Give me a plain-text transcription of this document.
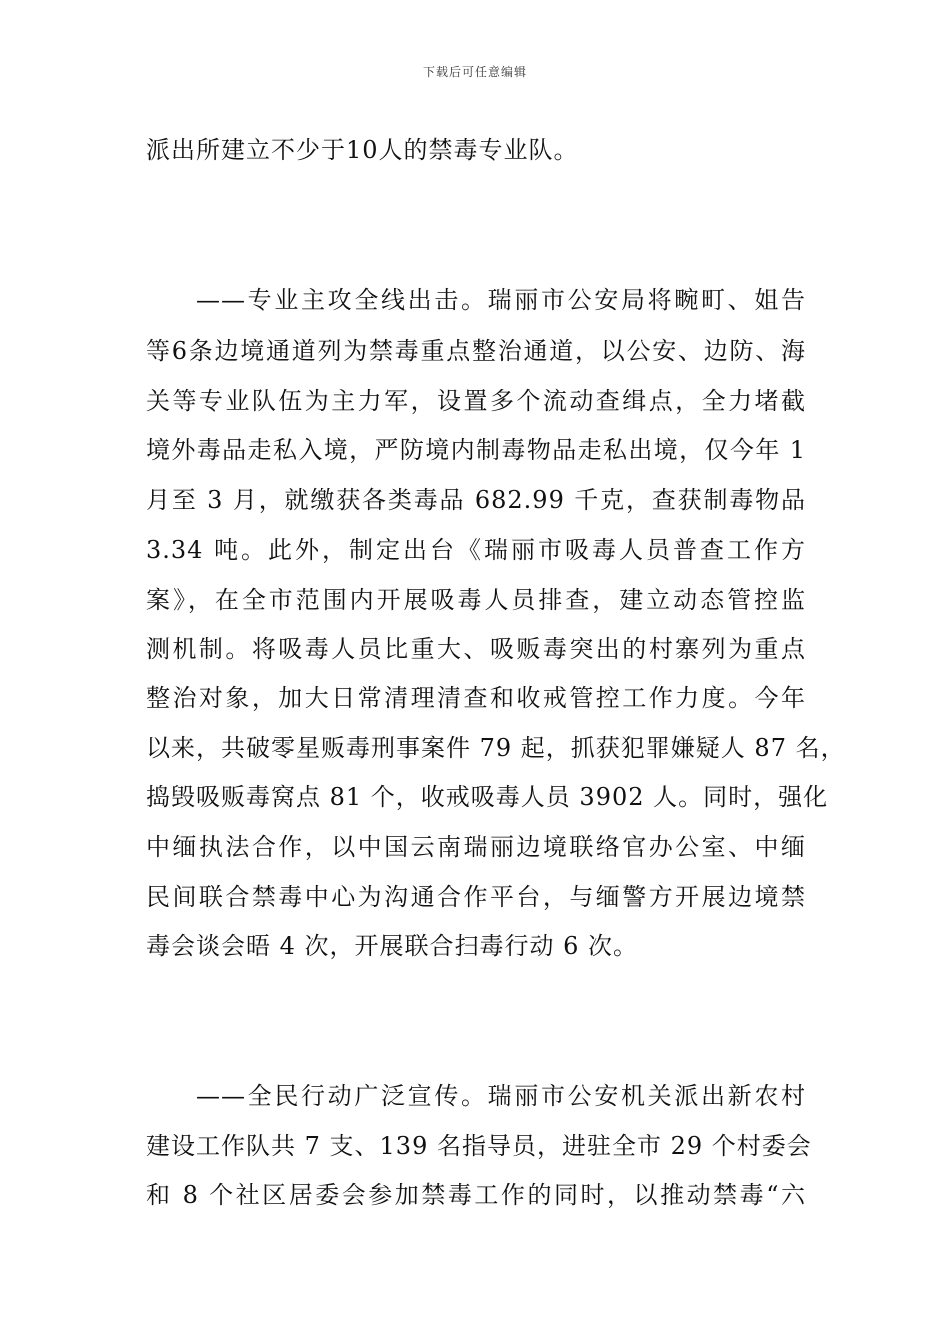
下载后可任意编辑
派出所建立不少于10人的禁毒专业队。
——专业主攻全线出击。瑞丽市公安局将畹町、姐告
等6条边境通道列为禁毒重点整治通道，以公安、边防、海
关等专业队伍为主力军，设置多个流动查缉点，全力堵截
境外毒品走私入境，严防境内制毒物品走私出境，仅今年 1
月至 3 月，就缴获各类毒品 682.99 千克，查获制毒物品
3.34 吨。此外，制定出台《瑞丽市吸毒人员普查工作方
案》，在全市范围内开展吸毒人员排查，建立动态管控监
测机制。将吸毒人员比重大、吸贩毒突出的村寨列为重点
整治对象，加大日常清理清查和收戒管控工作力度。今年
以来，共破零星贩毒刑事案件 79 起，抓获犯罪嫌疑人 87 名，
捣毁吸贩毒窝点 81 个，收戒吸毒人员 3902 人。同时，强化
中缅执法合作，以中国云南瑞丽边境联络官办公室、中缅
民间联合禁毒中心为沟通合作平台，与缅警方开展边境禁
毒会谈会晤 4 次，开展联合扫毒行动 6 次。
——全民行动广泛宣传。瑞丽市公安机关派出新农村
建设工作队共 7 支、139 名指导员，进驻全市 29 个村委会
和 8 个社区居委会参加禁毒工作的同时，以推动禁毒“六
